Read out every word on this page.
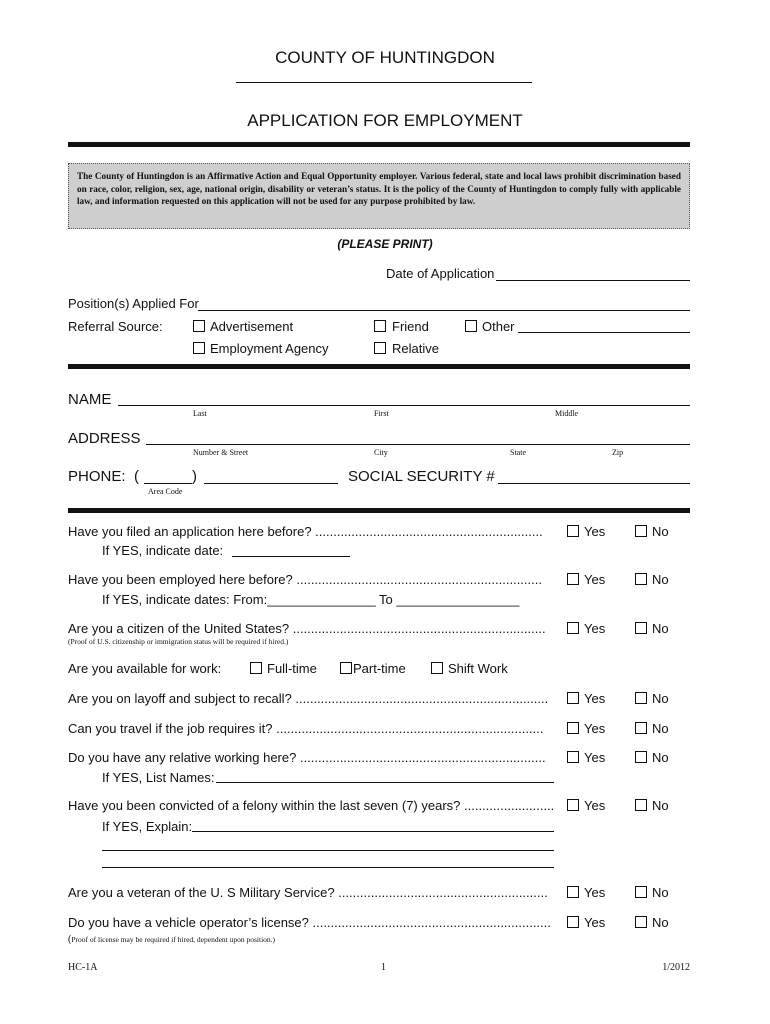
COUNTY OF HUNTINGDON
APPLICATION FOR EMPLOYMENT
The County of Huntingdon is an Affirmative Action and Equal Opportunity employer. Various federal, state and local laws prohibit discrimination based on race, color, religion, sex, age, national origin, disability or veteran’s status. It is the policy of the County of Huntingdon to comply fully with applicable law, and information requested on this application will not be used for any purpose prohibited by law.
(PLEASE PRINT)
Date of Application
Position(s) Applied For
Referral Source:	Advertisement	Friend	Other
Employment Agency	Relative
NAME
Last	First	Middle
ADDRESS
Number & Street	City	State	Zip
PHONE: (	)
Area Code
SOCIAL SECURITY #
Have you filed an application here before? ...............................................................	Yes	No
If YES, indicate date:
Have you been employed here before? ....................................................................	Yes	No
If YES, indicate dates: From:_______________ To _________________
Are you a citizen of the United States? ......................................................................	Yes	No
(Proof of U.S. citizenship or immigration status will be required if hired.)
Are you available for work:	Full-time	Part-time	Shift Work
Are you on layoff and subject to recall? ......................................................................	Yes	No
Can you travel if the job requires it? ..........................................................................	Yes	No
Do you have any relative working here? ....................................................................	Yes	No
If YES, List Names:
Have you been convicted of a felony within the last seven (7) years? ......................... Yes	No
If YES, Explain:
Are you a veteran of the U. S Military Service? ..........................................................	Yes	No
Do you have a vehicle operator’s license? ..................................................................	Yes	No
(Proof of license may be required if hired, dependent upon position.)
HC-1A	1	1/2012
